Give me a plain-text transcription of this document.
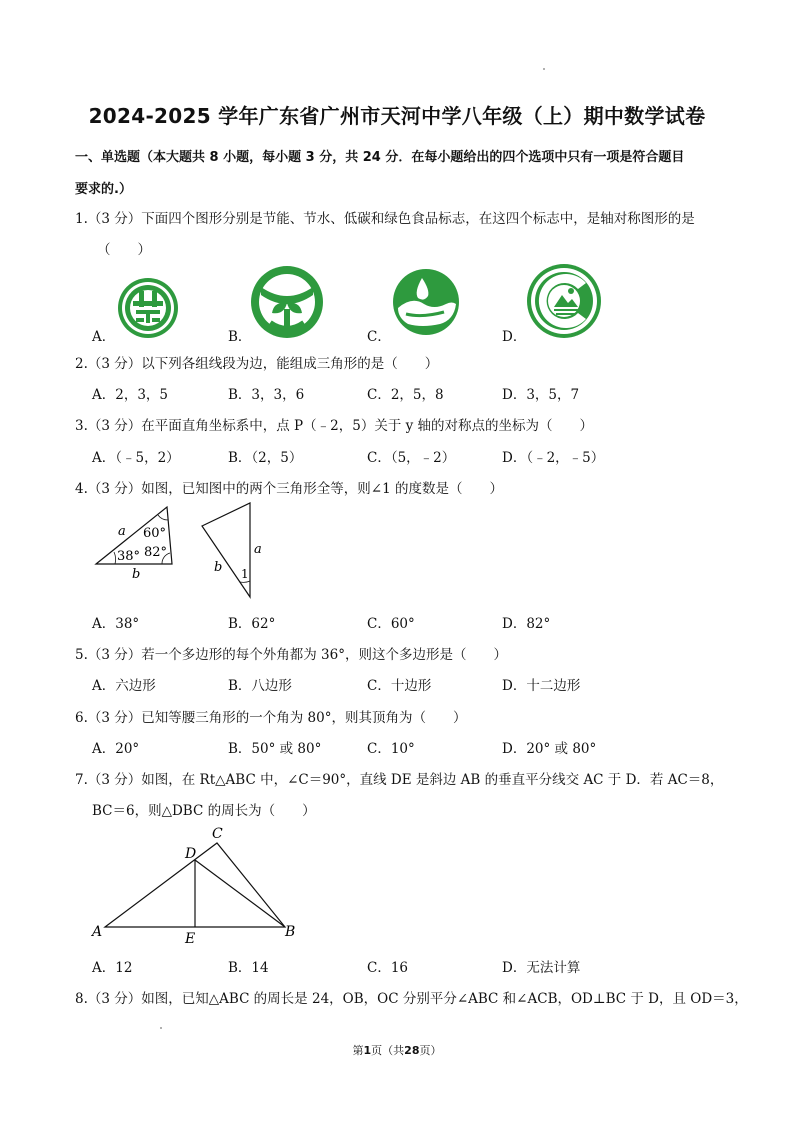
2024-2025 学年广东省广州市天河中学八年级（上）期中数学试卷
一、单选题（本大题共 8 小题，每小题 3 分，共 24 分．在每小题给出的四个选项中只有一项是符合题目
要求的.）
1.（3 分）下面四个图形分别是节能、节水、低碳和绿色食品标志，在这四个标志中，是轴对称图形的是
（　　）
A．	B．	C．	D．
2.（3 分）以下列各组线段为边，能组成三角形的是（　　）
A．2，3，5	B．3，3，6	C．2，5，8	D．3，5，7
3.（3 分）在平面直角坐标系中，点 P（﹣2，5）关于 y 轴的对称点的坐标为（　　）
A．（﹣5，2）	B．（2，5）	C．（5，﹣2）	D．（﹣2，﹣5）
4.（3 分）如图，已知图中的两个三角形全等，则∠1 的度数是（　　）
a 60°
38° 82°
b
a
b 1
A．38°	B．62°	C．60°	D．82°
5.（3 分）若一个多边形的每个外角都为 36°，则这个多边形是（　　）
A．六边形	B．八边形	C．十边形	D．十二边形
6.（3 分）已知等腰三角形的一个角为 80°，则其顶角为（　　）
A．20°	B．50° 或 80°	C．10°	D．20° 或 80°
7.（3 分）如图，在 Rt△ABC 中，∠C＝90°，直线 DE 是斜边 AB 的垂直平分线交 AC 于 D．若 AC＝8，
BC＝6，则△DBC 的周长为（　　）
C
D
A	E	B
A．12	B．14	C．16	D．无法计算
8.（3 分）如图，已知△ABC 的周长是 24，OB，OC 分别平分∠ABC 和∠ACB，OD⊥BC 于 D，且 OD＝3，
第1页（共28页）
